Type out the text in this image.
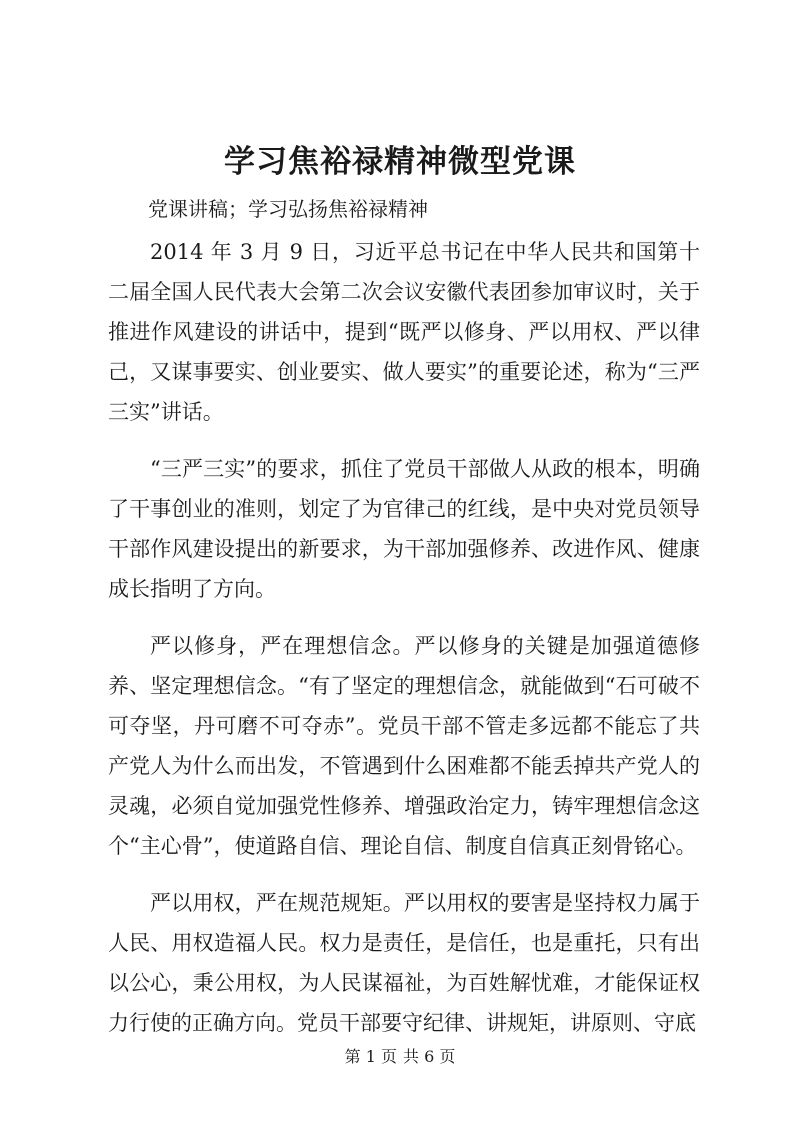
学习焦裕禄精神微型党课

党课讲稿；学习弘扬焦裕禄精神

2014 年 3 月 9 日，习近平总书记在中华人民共和国第十二届全国人民代表大会第二次会议安徽代表团参加审议时，关于推进作风建设的讲话中，提到“既严以修身、严以用权、严以律己，又谋事要实、创业要实、做人要实”的重要论述，称为“三严三实”讲话。

“三严三实”的要求，抓住了党员干部做人从政的根本，明确了干事创业的准则，划定了为官律己的红线，是中央对党员领导干部作风建设提出的新要求，为干部加强修养、改进作风、健康成长指明了方向。

严以修身，严在理想信念。严以修身的关键是加强道德修养、坚定理想信念。“有了坚定的理想信念，就能做到“石可破不可夺坚，丹可磨不可夺赤”。党员干部不管走多远都不能忘了共产党人为什么而出发，不管遇到什么困难都不能丢掉共产党人的灵魂，必须自觉加强党性修养、增强政治定力，铸牢理想信念这个“主心骨”，使道路自信、理论自信、制度自信真正刻骨铭心。

严以用权，严在规范规矩。严以用权的要害是坚持权力属于人民、用权造福人民。权力是责任，是信任，也是重托，只有出以公心，秉公用权，为人民谋福祉，为百姓解忧难，才能保证权力行使的正确方向。党员干部要守纪律、讲规矩，讲原则、守底

第 1 页 共 6 页
